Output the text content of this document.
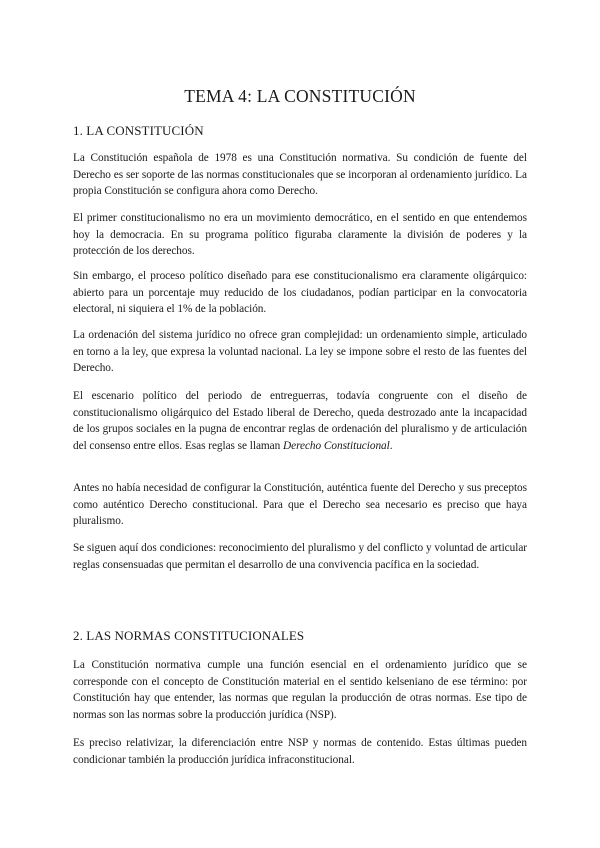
TEMA 4: LA CONSTITUCIÓN
1. LA CONSTITUCIÓN

La Constitución española de 1978 es una Constitución normativa. Su condición de fuente del Derecho es ser soporte de las normas constitucionales que se incorporan al ordenamiento jurídico. La propia Constitución se configura ahora como Derecho.

El primer constitucionalismo no era un movimiento democrático, en el sentido en que entendemos hoy la democracia. En su programa político figuraba claramente la división de poderes y la protección de los derechos.

Sin embargo, el proceso político diseñado para ese constitucionalismo era claramente oligárquico: abierto para un porcentaje muy reducido de los ciudadanos, podían participar en la convocatoria electoral, ni siquiera el 1% de la población.

La ordenación del sistema jurídico no ofrece gran complejidad: un ordenamiento simple, articulado en torno a la ley, que expresa la voluntad nacional. La ley se impone sobre el resto de las fuentes del Derecho.

El escenario político del periodo de entreguerras, todavía congruente con el diseño de constitucionalismo oligárquico del Estado liberal de Derecho, queda destrozado ante la incapacidad de los grupos sociales en la pugna de encontrar reglas de ordenación del pluralismo y de articulación del consenso entre ellos. Esas reglas se llaman Derecho Constitucional.

Antes no había necesidad de configurar la Constitución, auténtica fuente del Derecho y sus preceptos como auténtico Derecho constitucional. Para que el Derecho sea necesario es preciso que haya pluralismo.

Se siguen aquí dos condiciones: reconocimiento del pluralismo y del conflicto y voluntad de articular reglas consensuadas que permitan el desarrollo de una convivencia pacífica en la sociedad.

2. LAS NORMAS CONSTITUCIONALES

La Constitución normativa cumple una función esencial en el ordenamiento jurídico que se corresponde con el concepto de Constitución material en el sentido kelseniano de ese término: por Constitución hay que entender, las normas que regulan la producción de otras normas. Ese tipo de normas son las normas sobre la producción jurídica (NSP).

Es preciso relativizar, la diferenciación entre NSP y normas de contenido. Estas últimas pueden condicionar también la producción jurídica infraconstitucional.
